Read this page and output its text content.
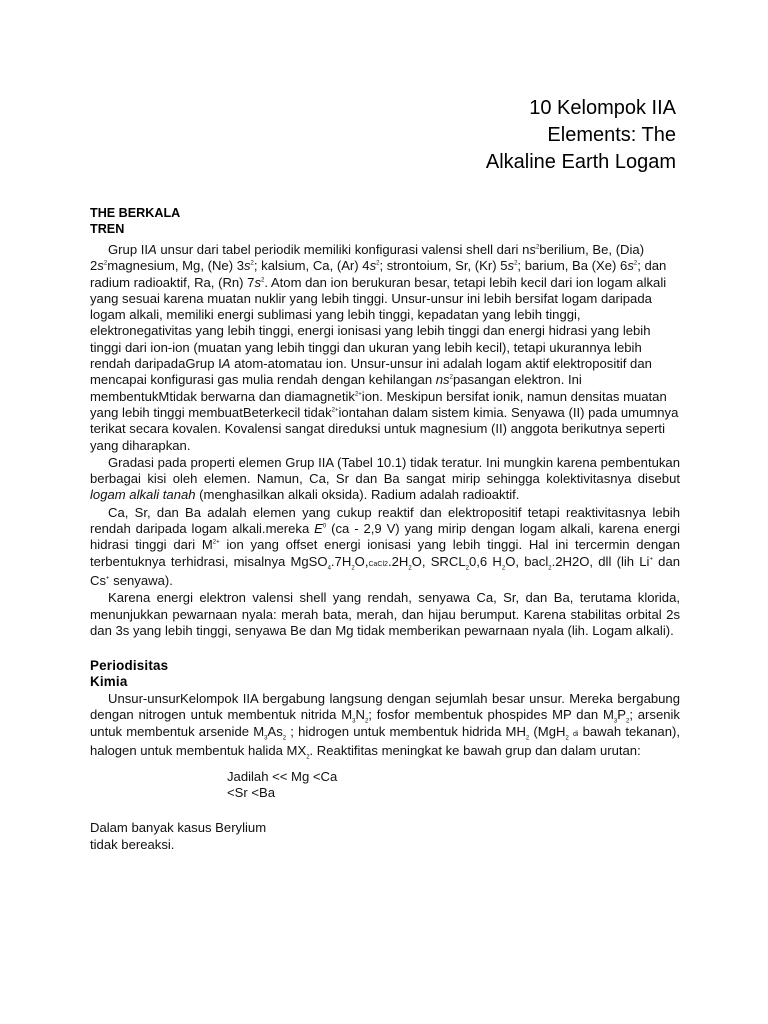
10 Kelompok IIA
Elements: The
Alkaline Earth Logam
THE BERKALA
TREN
Grup IIA unsur dari tabel periodik memiliki konfigurasi valensi shell dari $ns^2berilium$, Be, (Dia) $2s^2magnesium$, Mg, (Ne) $3s^2$; kalsium, Ca, (Ar) $4s^2$; strontoium, Sr, (Kr) $5s^2$; barium, Ba (Xe) $6s^2$; dan radium radioaktif, Ra, (Rn) $7s^2$. Atom dan ion berukuran besar, tetapi lebih kecil dari ion logam alkali yang sesuai karena muatan nuklir yang lebih tinggi. Unsur-unsur ini lebih bersifat logam daripada logam alkali, memiliki energi sublimasi yang lebih tinggi, kepadatan yang lebih tinggi, elektronegativitas yang lebih tinggi, energi ionisasi yang lebih tinggi dan energi hidrasi yang lebih tinggi dari ion-ion (muatan yang lebih tinggi dan ukuran yang lebih kecil), tetapi ukurannya lebih rendah daripadaGrup IA atom-atomatau ion. Unsur-unsur ini adalah logam aktif elektropositif dan mencapai konfigurasi gas mulia rendah dengan kehilangan $ns^2pasangan$ elektron. Ini membentukMtidak berwarna dan diamagnetik$^{2+}$ion. Meskipun bersifat ionik, namun densitas muatan yang lebih tinggi membuatBeterkecil tidak$^{2+}$iontahan dalam sistem kimia. Senyawa (II) pada umumnya terikat secara kovalen. Kovalensi sangat direduksi untuk magnesium (II) anggota berikutnya seperti yang diharapkan.
Gradasi pada properti elemen Grup IIA (Tabel 10.1) tidak teratur. Ini mungkin karena pembentukan berbagai kisi oleh elemen. Namun, Ca, Sr dan Ba sangat mirip sehingga kolektivitasnya disebut logam alkali tanah (menghasilkan alkali oksida). Radium adalah radioaktif.
Ca, Sr, dan Ba adalah elemen yang cukup reaktif dan elektropositif tetapi reaktivitasnya lebih rendah daripada logam alkali.mereka $E^0$ (ca - 2,9 V) yang mirip dengan logam alkali, karena energi hidrasi tinggi dari $M^{2+}$ ion yang offset energi ionisasi yang lebih tinggi. Hal ini tercermin dengan terbentuknya terhidrasi, misalnya $MgSO_4.7H_2O,CaCl2.2H_2O$, $SRCL_20,6$ $H_2O$, bacl$_2$.2H2O, dll (lih Li+ dan Cs+ senyawa).
Karena energi elektron valensi shell yang rendah, senyawa Ca, Sr, dan Ba, terutama klorida, menunjukkan pewarnaan nyala: merah bata, merah, dan hijau berumput. Karena stabilitas orbital 2s dan 3s yang lebih tinggi, senyawa Be dan Mg tidak memberikan pewarnaan nyala (lih. Logam alkali).
Periodisitas
Kimia
Unsur-unsurKelompok IIA bergabung langsung dengan sejumlah besar unsur. Mereka bergabung dengan nitrogen untuk membentuk nitrida $M_3N_2$; fosfor membentuk phospides MP dan $M_3P_2$; arsenik untuk membentuk arsenide $M_3As_2$ ; hidrogen untuk membentuk hidrida $MH_2$ (MgH$_2$ di bawah tekanan), halogen untuk membentuk halida $MX_2$. Reaktifitas meningkat ke bawah grup dan dalam urutan:
Jadilah << Mg <Ca
<Sr <Ba
Dalam banyak kasus Berylium
tidak bereaksi.
